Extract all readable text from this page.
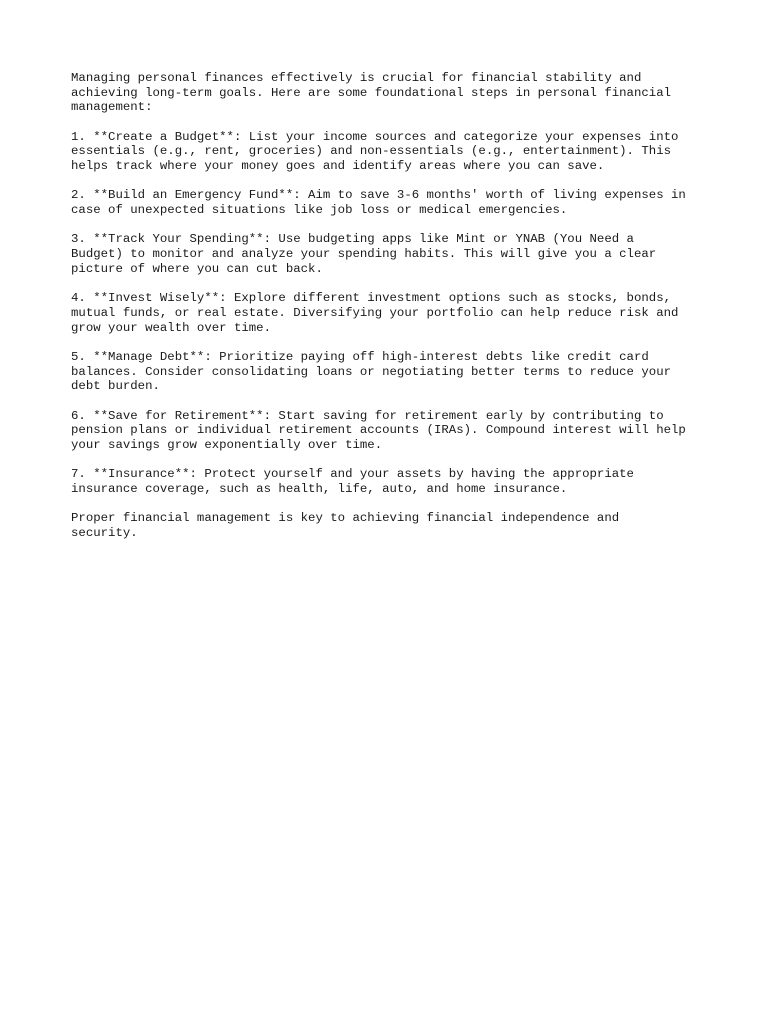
Managing personal finances effectively is crucial for financial stability and
achieving long-term goals. Here are some foundational steps in personal financial
management:

1. **Create a Budget**: List your income sources and categorize your expenses into
essentials (e.g., rent, groceries) and non-essentials (e.g., entertainment). This
helps track where your money goes and identify areas where you can save.

2. **Build an Emergency Fund**: Aim to save 3-6 months' worth of living expenses in
case of unexpected situations like job loss or medical emergencies.

3. **Track Your Spending**: Use budgeting apps like Mint or YNAB (You Need a
Budget) to monitor and analyze your spending habits. This will give you a clear
picture of where you can cut back.

4. **Invest Wisely**: Explore different investment options such as stocks, bonds,
mutual funds, or real estate. Diversifying your portfolio can help reduce risk and
grow your wealth over time.

5. **Manage Debt**: Prioritize paying off high-interest debts like credit card
balances. Consider consolidating loans or negotiating better terms to reduce your
debt burden.

6. **Save for Retirement**: Start saving for retirement early by contributing to
pension plans or individual retirement accounts (IRAs). Compound interest will help
your savings grow exponentially over time.

7. **Insurance**: Protect yourself and your assets by having the appropriate
insurance coverage, such as health, life, auto, and home insurance.

Proper financial management is key to achieving financial independence and
security.
